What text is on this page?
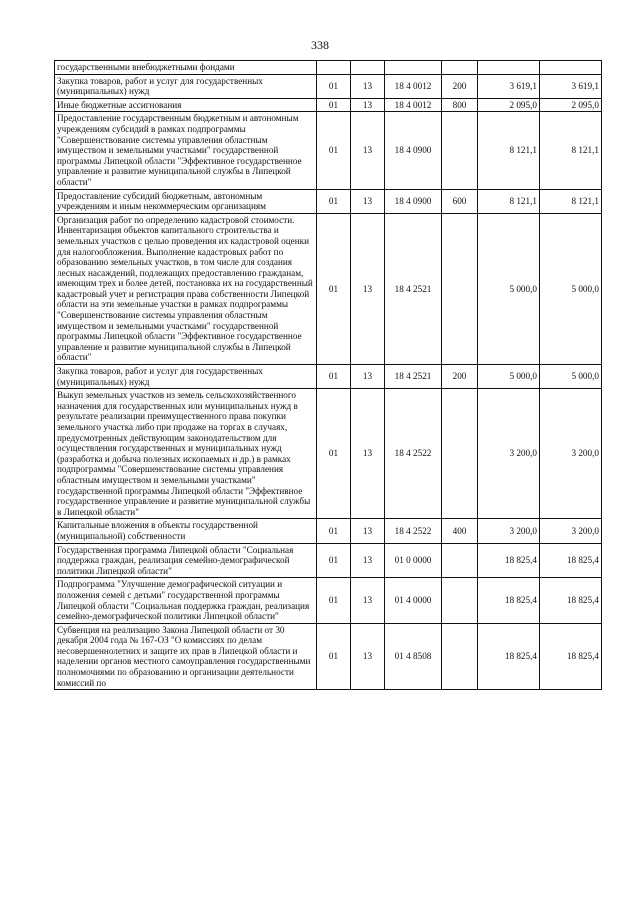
338
государственными внебюджетными фондами						
Закупка товаров, работ и услуг для государственных (муниципальных) нужд	01	13	18 4 0012	200	3 619,1	3 619,1
Иные бюджетные ассигнования	01	13	18 4 0012	800	2 095,0	2 095,0
Предоставление государственным бюджетным и автономным учреждениям субсидий в рамках подпрограммы "Совершенствование системы управления областным имуществом и земельными участками" государственной программы Липецкой области "Эффективное государственное управление и развитие муниципальной службы в Липецкой области"	01	13	18 4 0900		8 121,1	8 121,1
Предоставление субсидий бюджетным, автономным учреждениям и иным некоммерческим организациям	01	13	18 4 0900	600	8 121,1	8 121,1
Организация работ по определению кадастровой стоимости. Инвентаризация объектов капитального строительства и земельных участков с целью проведения их кадастровой оценки для налогообложения. Выполнение кадастровых работ по образованию земельных участков, в том числе для создания лесных насаждений, подлежащих предоставлению гражданам, имеющим трех и более детей, постановка их на государственный кадастровый учет и регистрация права собственности Липецкой области на эти земельные участки в рамках подпрограммы "Совершенствование системы управления областным имуществом и земельными участками" государственной программы Липецкой области "Эффективное государственное управление и развитие муниципальной службы в Липецкой области"	01	13	18 4 2521		5 000,0	5 000,0
Закупка товаров, работ и услуг для государственных (муниципальных) нужд	01	13	18 4 2521	200	5 000,0	5 000,0
Выкуп земельных участков из земель сельскохозяйственного назначения для государственных или муниципальных нужд в результате реализации преимущественного права покупки земельного участка либо при продаже на торгах в случаях, предусмотренных действующим законодательством для осуществления государственных и муниципальных нужд (разработка и добыча полезных ископаемых и др.) в рамках подпрограммы "Совершенствование системы управления областным имуществом и земельными участками" государственной программы Липецкой области "Эффективное государственное управление и развитие муниципальной службы в Липецкой области"	01	13	18 4 2522		3 200,0	3 200,0
Капитальные вложения в объекты государственной (муниципальной) собственности	01	13	18 4 2522	400	3 200,0	3 200,0
Государственная программа Липецкой области "Социальная поддержка граждан, реализация семейно-демографической политики Липецкой области"	01	13	01 0 0000		18 825,4	18 825,4
Подпрограмма "Улучшение демографической ситуации и положения семей с детьми" государственной программы Липецкой области "Социальная поддержка граждан, реализация семейно-демографической политики Липецкой области"	01	13	01 4 0000		18 825,4	18 825,4
Субвенция на реализацию Закона Липецкой области от 30 декабря 2004 года № 167-ОЗ "О комиссиях по делам несовершеннолетних и защите их прав в Липецкой области и наделении органов местного самоуправления государственными полномочиями по образованию и организации деятельности комиссий по	01	13	01 4 8508		18 825,4	18 825,4
